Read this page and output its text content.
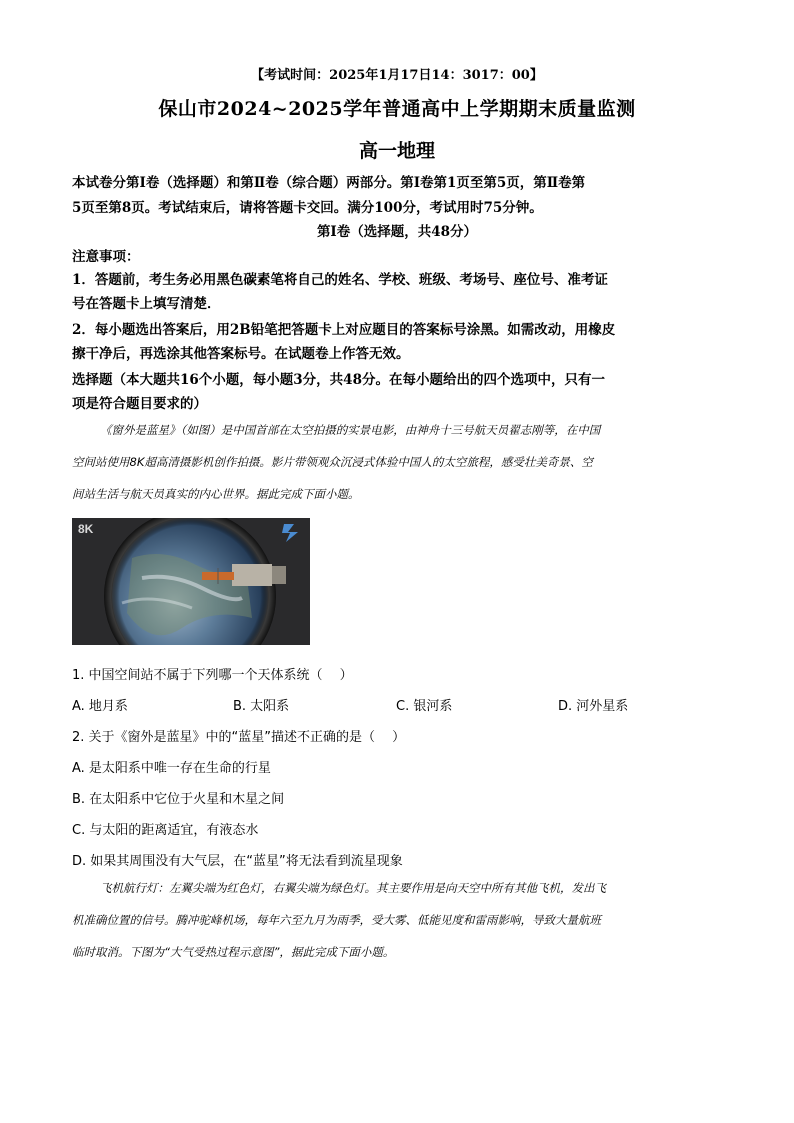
【考试时间：2025年1月17日14：3017：00】
保山市2024~2025学年普通高中上学期期末质量监测
高一地理
本试卷分第Ⅰ卷（选择题）和第Ⅱ卷（综合题）两部分。第Ⅰ卷第1页至第5页，第Ⅱ卷第
5页至第8页。考试结束后，请将答题卡交回。满分100分，考试用时75分钟。
第Ⅰ卷（选择题，共48分）
注意事项：
1．答题前，考生务必用黑色碳素笔将自己的姓名、学校、班级、考场号、座位号、准考证
号在答题卡上填写清楚．
2．每小题选出答案后，用2B铅笔把答题卡上对应题目的答案标号涂黑。如需改动，用橡皮
擦干净后，再选涂其他答案标号。在试题卷上作答无效。
选择题（本大题共16个小题，每小题3分，共48分。在每小题给出的四个选项中，只有一
项是符合题目要求的）
《窗外是蓝星》（如图）是中国首部在太空拍摄的实景电影，由神舟十三号航天员翟志刚等，在中国
空间站使用8K超高清摄影机创作拍摄。影片带领观众沉浸式体验中国人的太空旅程，感受壮美奇景、空
间站生活与航天员真实的内心世界。据此完成下面小题。
8K
1. 中国空间站不属于下列哪一个天体系统（　 ）
A. 地月系	B. 太阳系	C. 银河系	D. 河外星系
2. 关于《窗外是蓝星》中的“蓝星”描述不正确的是（　 ）
A. 是太阳系中唯一存在生命的行星
B. 在太阳系中它位于火星和木星之间
C. 与太阳的距离适宜，有液态水
D. 如果其周围没有大气层，在“蓝星”将无法看到流星现象
飞机航行灯：左翼尖端为红色灯，右翼尖端为绿色灯。其主要作用是向天空中所有其他飞机，发出飞
机准确位置的信号。腾冲驼峰机场，每年六至九月为雨季，受大雾、低能见度和雷雨影响，导致大量航班
临时取消。下图为“大气受热过程示意图”，据此完成下面小题。
